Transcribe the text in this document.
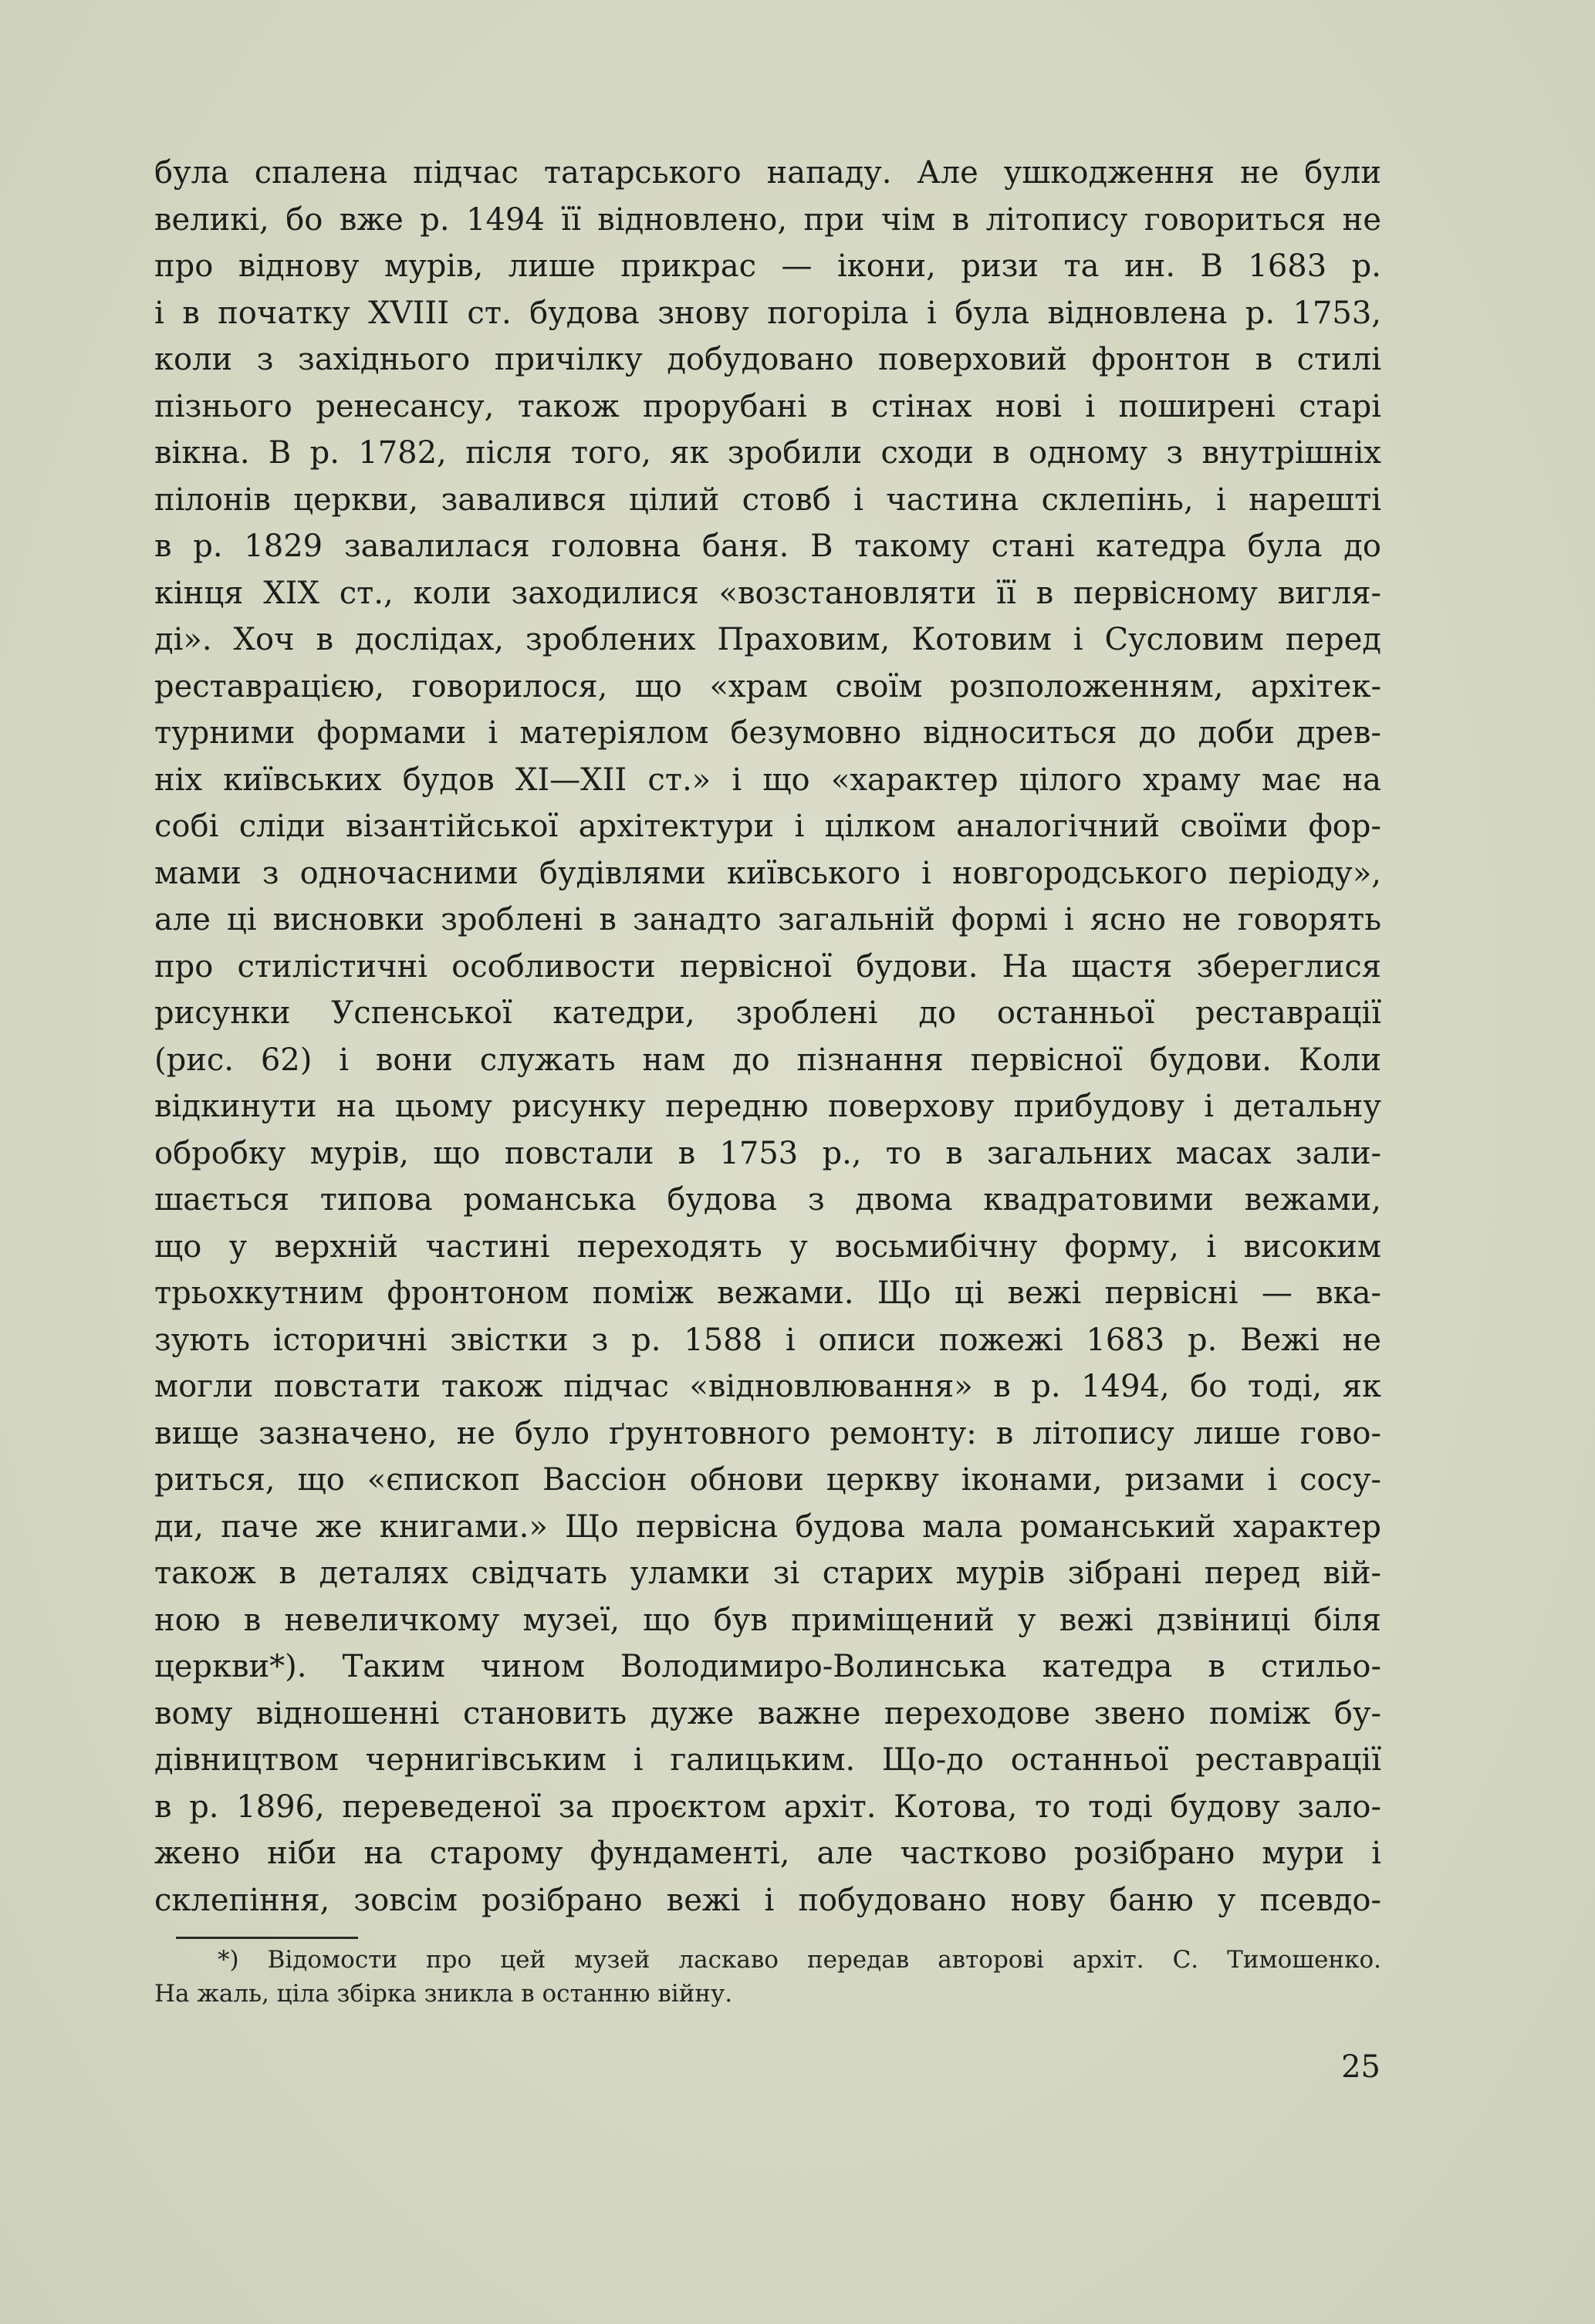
була спалена підчас татарського нападу. Але ушкодження не були
великі, бо вже р. 1494 її відновлено, при чім в літопису говориться не
про віднову мурів, лише прикрас — ікони, ризи та ин. В 1683 р.
і в початку XVIII ст. будова знову погоріла і була відновлена р. 1753,
коли з західнього причілку добудовано поверховий фронтон в стилі
пізнього ренесансу, також прорубані в стінах нові і поширені старі
вікна. В р. 1782, після того, як зробили сходи в одному з внутрішніх
пілонів церкви, завалився цілий стовб і частина склепінь, і нарешті
в р. 1829 завалилася головна баня. В такому стані катедра була до
кінця XIX ст., коли заходилися «возстановляти її в первісному вигля-
ді». Хоч в дослідах, зроблених Праховим, Котовим і Сусловим перед
реставрацією, говорилося, що «храм своїм розположенням, архітек-
турними формами і матеріялом безумовно відноситься до доби древ-
ніх київських будов XI—XII ст.» і що «характер цілого храму має на
собі сліди візантійської архітектури і цілком аналогічний своїми фор-
мами з одночасними будівлями київського і новгородського періоду»,
але ці висновки зроблені в занадто загальній формі і ясно не говорять
про стилістичні особливости первісної будови. На щастя збереглися
рисунки Успенської катедри, зроблені до останньої реставрації
(рис. 62) і вони служать нам до пізнання первісної будови. Коли
відкинути на цьому рисунку передню поверхову прибудову і детальну
обробку мурів, що повстали в 1753 р., то в загальних масах зали-
шається типова романська будова з двома квадратовими вежами,
що у верхній частині переходять у восьмибічну форму, і високим
трьохкутним фронтоном поміж вежами. Що ці вежі первісні — вка-
зують історичні звістки з р. 1588 і описи пожежі 1683 р. Вежі не
могли повстати також підчас «відновлювання» в р. 1494, бо тоді, як
вище зазначено, не було ґрунтовного ремонту: в літопису лише гово-
риться, що «єпископ Вассіон обнови церкву іконами, ризами і сосу-
ди, паче же книгами.» Що первісна будова мала романський характер
також в деталях свідчать уламки зі старих мурів зібрані перед вій-
ною в невеличкому музеї, що був приміщений у вежі дзвіниці біля
церкви*). Таким чином Володимиро-Волинська катедра в стильо-
вому відношенні становить дуже важне переходове звено поміж бу-
дівництвом чернигівським і галицьким. Що-до останньої реставрації
в р. 1896, переведеної за проєктом архіт. Котова, то тоді будову зало-
жено ніби на старому фундаменті, але частково розібрано мури і
склепіння, зовсім розібрано вежі і побудовано нову баню у псевдо-
*) Відомости про цей музей ласкаво передав авторові архіт. С. Тимошенко.
На жаль, ціла збірка зникла в останню війну.
25
